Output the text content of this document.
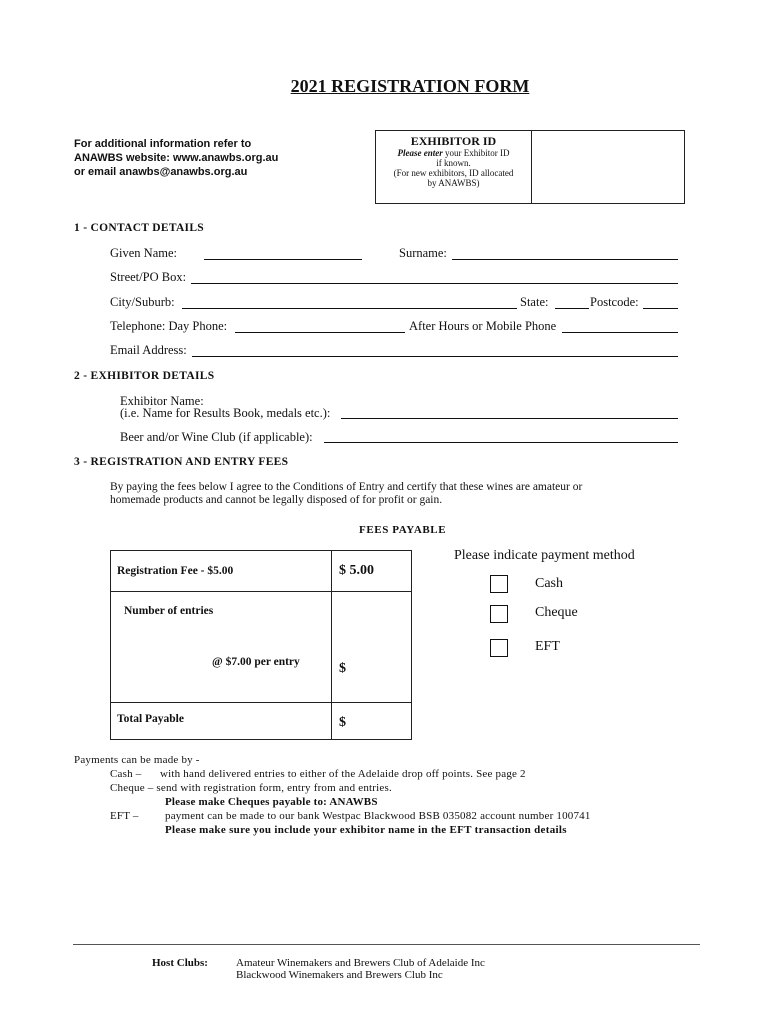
2021 REGISTRATION FORM
For additional information refer to
ANAWBS website: www.anawbs.org.au
or email anawbs@anawbs.org.au
EXHIBITOR ID
Please enter your Exhibitor ID
if known.
(For new exhibitors, ID allocated
by ANAWBS)
1 - CONTACT DETAILS
Given Name:	Surname:
Street/PO Box:
City/Suburb:	State:	Postcode:
Telephone: Day Phone:	After Hours or Mobile Phone
Email Address:
2 - EXHIBITOR DETAILS
Exhibitor Name:
(i.e. Name for Results Book, medals etc.):
Beer and/or Wine Club (if applicable):
3 - REGISTRATION AND ENTRY FEES
By paying the fees below I agree to the Conditions of Entry and certify that these wines are amateur or
homemade products and cannot be legally disposed of for profit or gain.
FEES PAYABLE
Registration Fee - $5.00	$ 5.00
Number of entries
@ $7.00 per entry	$
Total Payable	$
Please indicate payment method
Cash
Cheque
EFT
Payments can be made by -
Cash – with hand delivered entries to either of the Adelaide drop off points. See page 2
Cheque – send with registration form, entry from and entries.
Please make Cheques payable to: ANAWBS
EFT – payment can be made to our bank Westpac Blackwood BSB 035082 account number 100741
Please make sure you include your exhibitor name in the EFT transaction details
Host Clubs:	Amateur Winemakers and Brewers Club of Adelaide Inc
Blackwood Winemakers and Brewers Club Inc
